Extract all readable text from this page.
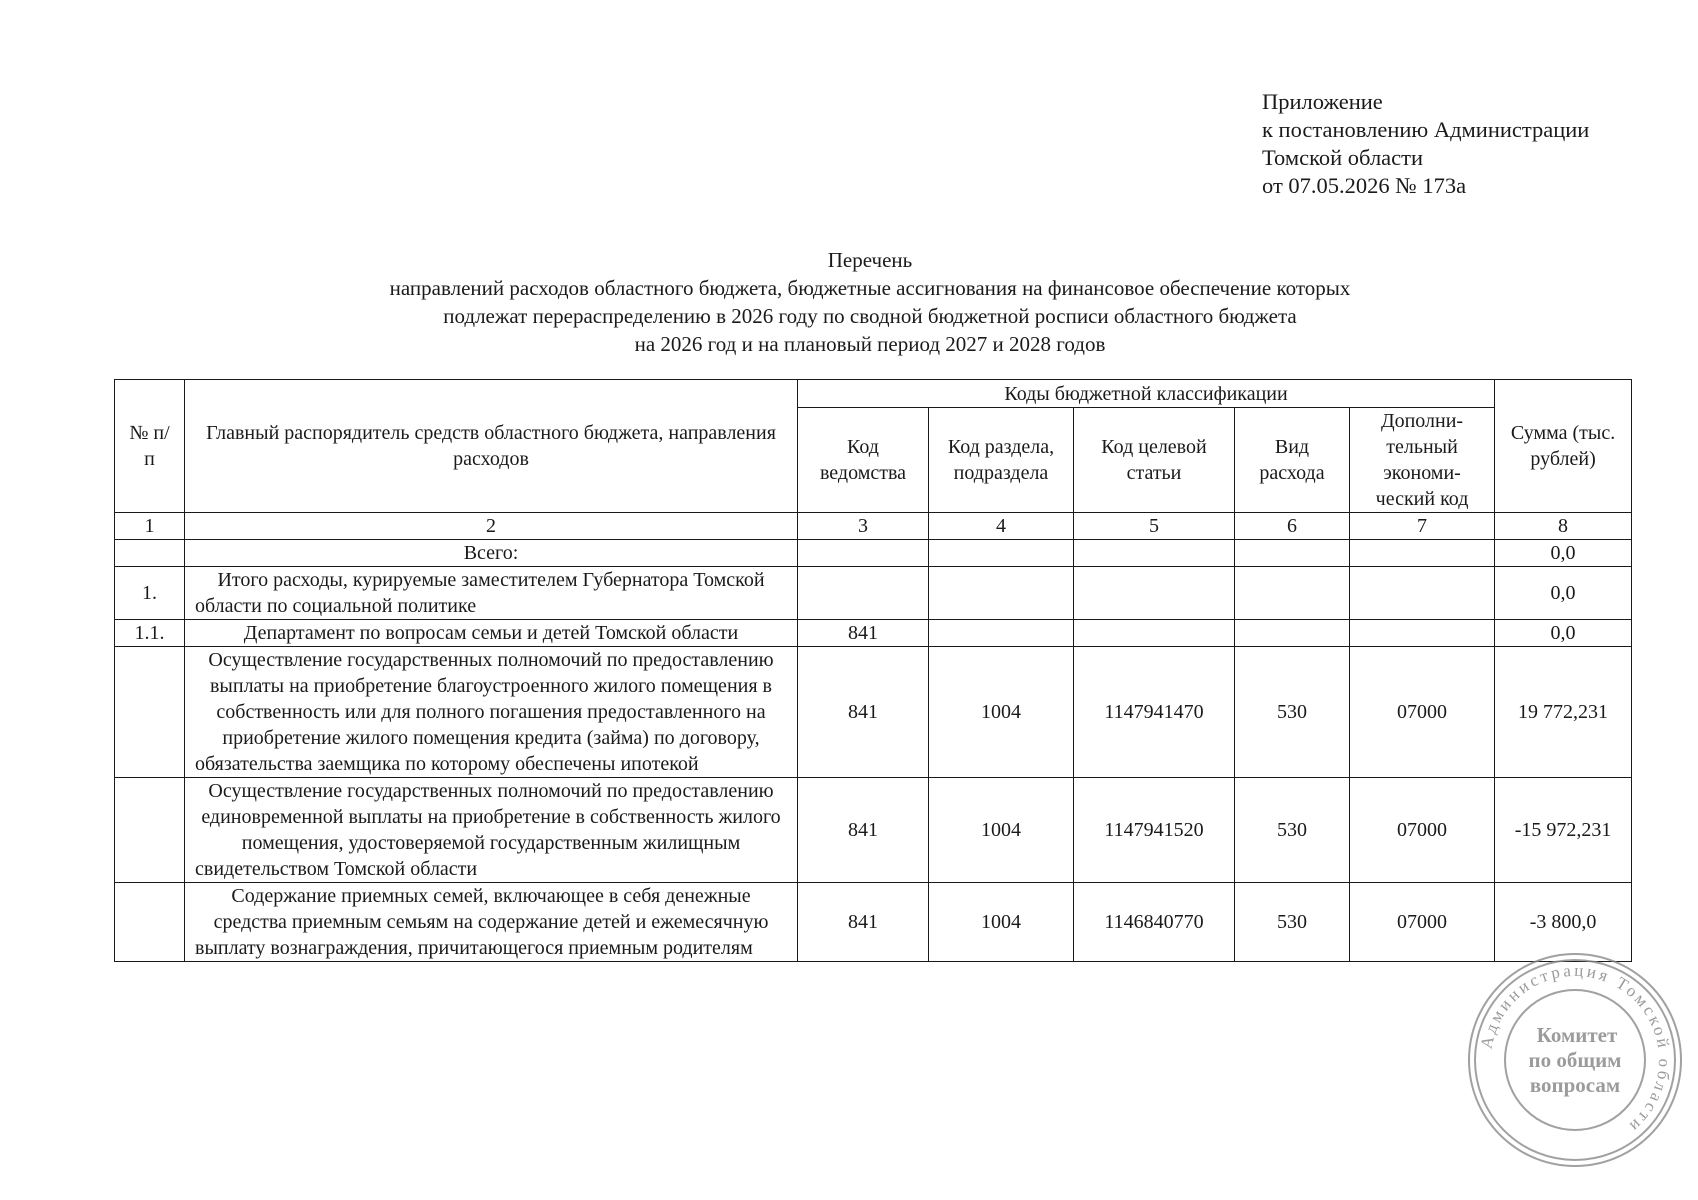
Приложение
к постановлению Администрации
Томской области
от 07.05.2026 № 173а
Перечень
направлений расходов областного бюджета, бюджетные ассигнования на финансовое обеспечение которых
подлежат перераспределению в 2026 году по сводной бюджетной росписи областного бюджета
на 2026 год и на плановый период 2027 и 2028 годов
№ п/п	Главный распорядитель средств областного бюджета, направления расходов	Коды бюджетной классификации					Сумма (тыс. рублей)
		Код ведомства	Код раздела, подраздела	Код целевой статьи	Вид расхода	Дополни-тельный экономи-ческий код	
1	2	3	4	5	6	7	8
	Всего:						0,0
1.	Итого расходы, курируемые заместителем Губернатора Томской области по социальной политике						0,0
1.1.	Департамент по вопросам семьи и детей Томской области	841					0,0
	Осуществление государственных полномочий по предоставлению выплаты на приобретение благоустроенного жилого помещения в собственность или для полного погашения предоставленного на приобретение жилого помещения кредита (займа) по договору, обязательства заемщика по которому обеспечены ипотекой	841	1004	1147941470	530	07000	19 772,231
	Осуществление государственных полномочий по предоставлению единовременной выплаты на приобретение в собственность жилого помещения, удостоверяемой государственным жилищным свидетельством Томской области	841	1004	1147941520	530	07000	-15 972,231
	Содержание приемных семей, включающее в себя денежные средства приемным семьям на содержание детей и ежемесячную выплату вознаграждения, причитающегося приемным родителям	841	1004	1146840770	530	07000	-3 800,0
Администрация Томской области
Комитет
по общим
вопросам
